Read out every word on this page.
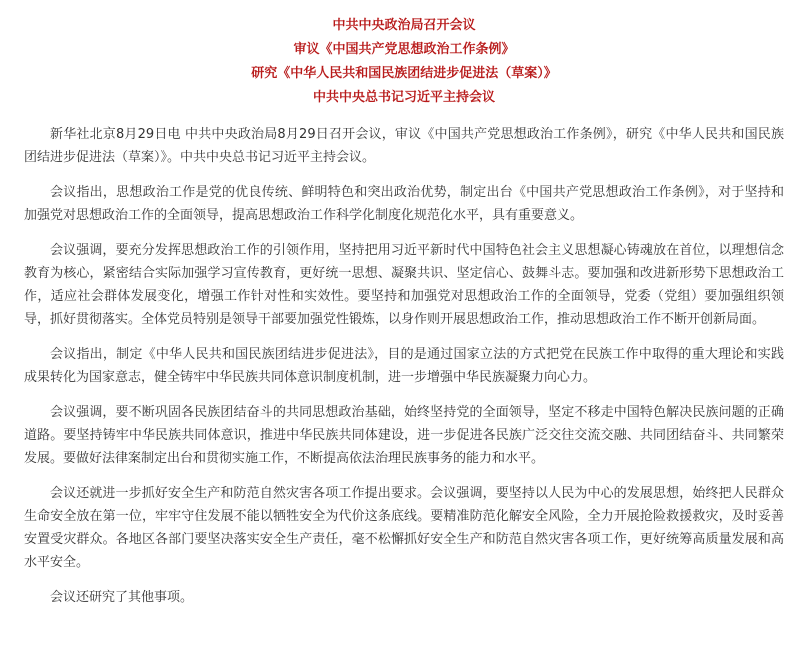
中共中央政治局召开会议
审议《中国共产党思想政治工作条例》
研究《中华人民共和国民族团结进步促进法（草案）》
中共中央总书记习近平主持会议

新华社北京8月29日电 中共中央政治局8月29日召开会议，审议《中国共产党思想政治工作条例》，研究《中华人民共和国民族团结进步促进法（草案）》。中共中央总书记习近平主持会议。

会议指出，思想政治工作是党的优良传统、鲜明特色和突出政治优势，制定出台《中国共产党思想政治工作条例》，对于坚持和加强党对思想政治工作的全面领导，提高思想政治工作科学化制度化规范化水平，具有重要意义。

会议强调，要充分发挥思想政治工作的引领作用，坚持把用习近平新时代中国特色社会主义思想凝心铸魂放在首位，以理想信念教育为核心，紧密结合实际加强学习宣传教育，更好统一思想、凝聚共识、坚定信心、鼓舞斗志。要加强和改进新形势下思想政治工作，适应社会群体发展变化，增强工作针对性和实效性。要坚持和加强党对思想政治工作的全面领导，党委（党组）要加强组织领导，抓好贯彻落实。全体党员特别是领导干部要加强党性锻炼，以身作则开展思想政治工作，推动思想政治工作不断开创新局面。

会议指出，制定《中华人民共和国民族团结进步促进法》，目的是通过国家立法的方式把党在民族工作中取得的重大理论和实践成果转化为国家意志，健全铸牢中华民族共同体意识制度机制，进一步增强中华民族凝聚力向心力。

会议强调，要不断巩固各民族团结奋斗的共同思想政治基础，始终坚持党的全面领导，坚定不移走中国特色解决民族问题的正确道路。要坚持铸牢中华民族共同体意识，推进中华民族共同体建设，进一步促进各民族广泛交往交流交融、共同团结奋斗、共同繁荣发展。要做好法律案制定出台和贯彻实施工作，不断提高依法治理民族事务的能力和水平。

会议还就进一步抓好安全生产和防范自然灾害各项工作提出要求。会议强调，要坚持以人民为中心的发展思想，始终把人民群众生命安全放在第一位，牢牢守住发展不能以牺牲安全为代价这条底线。要精准防范化解安全风险，全力开展抢险救援救灾，及时妥善安置受灾群众。各地区各部门要坚决落实安全生产责任，毫不松懈抓好安全生产和防范自然灾害各项工作，更好统筹高质量发展和高水平安全。

会议还研究了其他事项。
